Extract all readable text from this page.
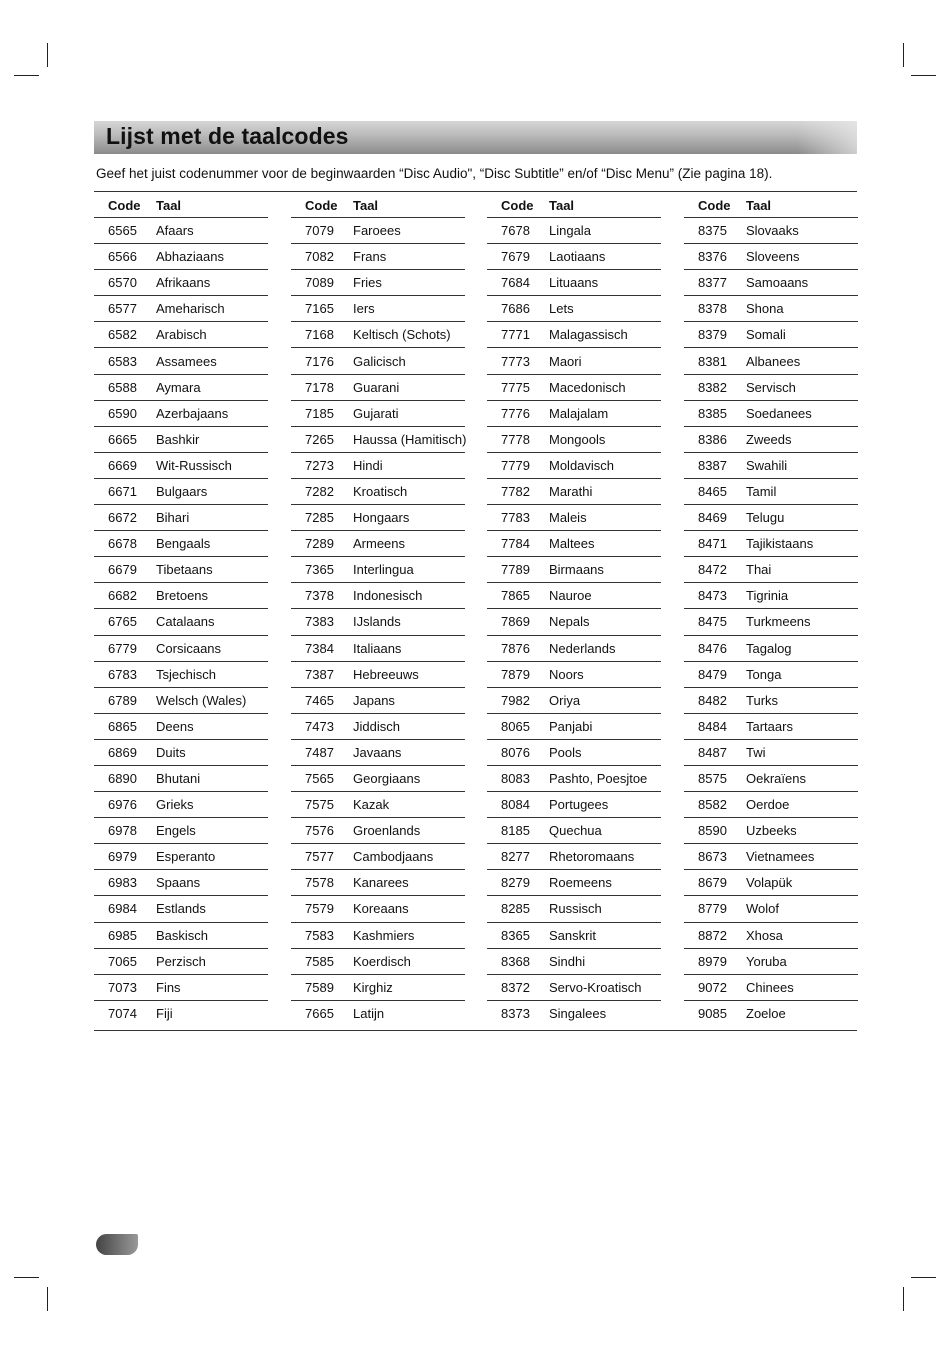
Lijst met de taalcodes
Geef het juist codenummer voor de beginwaarden “Disc Audio", “Disc Subtitle” en/of “Disc Menu” (Zie pagina 18).
Code	Taal
6565	Afaars
6566	Abhaziaans
6570	Afrikaans
6577	Ameharisch
6582	Arabisch
6583	Assamees
6588	Aymara
6590	Azerbajaans
6665	Bashkir
6669	Wit-Russisch
6671	Bulgaars
6672	Bihari
6678	Bengaals
6679	Tibetaans
6682	Bretoens
6765	Catalaans
6779	Corsicaans
6783	Tsjechisch
6789	Welsch (Wales)
6865	Deens
6869	Duits
6890	Bhutani
6976	Grieks
6978	Engels
6979	Esperanto
6983	Spaans
6984	Estlands
6985	Baskisch
7065	Perzisch
7073	Fins
7074	Fiji
Code	Taal
7079	Faroees
7082	Frans
7089	Fries
7165	Iers
7168	Keltisch (Schots)
7176	Galicisch
7178	Guarani
7185	Gujarati
7265	Haussa (Hamitisch)
7273	Hindi
7282	Kroatisch
7285	Hongaars
7289	Armeens
7365	Interlingua
7378	Indonesisch
7383	IJslands
7384	Italiaans
7387	Hebreeuws
7465	Japans
7473	Jiddisch
7487	Javaans
7565	Georgiaans
7575	Kazak
7576	Groenlands
7577	Cambodjaans
7578	Kanarees
7579	Koreaans
7583	Kashmiers
7585	Koerdisch
7589	Kirghiz
7665	Latijn
Code	Taal
7678	Lingala
7679	Laotiaans
7684	Lituaans
7686	Lets
7771	Malagassisch
7773	Maori
7775	Macedonisch
7776	Malajalam
7778	Mongools
7779	Moldavisch
7782	Marathi
7783	Maleis
7784	Maltees
7789	Birmaans
7865	Nauroe
7869	Nepals
7876	Nederlands
7879	Noors
7982	Oriya
8065	Panjabi
8076	Pools
8083	Pashto, Poesjtoe
8084	Portugees
8185	Quechua
8277	Rhetoromaans
8279	Roemeens
8285	Russisch
8365	Sanskrit
8368	Sindhi
8372	Servo-Kroatisch
8373	Singalees
Code	Taal
8375	Slovaaks
8376	Sloveens
8377	Samoaans
8378	Shona
8379	Somali
8381	Albanees
8382	Servisch
8385	Soedanees
8386	Zweeds
8387	Swahili
8465	Tamil
8469	Telugu
8471	Tajikistaans
8472	Thai
8473	Tigrinia
8475	Turkmeens
8476	Tagalog
8479	Tonga
8482	Turks
8484	Tartaars
8487	Twi
8575	Oekraïens
8582	Oerdoe
8590	Uzbeeks
8673	Vietnamees
8679	Volapük
8779	Wolof
8872	Xhosa
8979	Yoruba
9072	Chinees
9085	Zoeloe
